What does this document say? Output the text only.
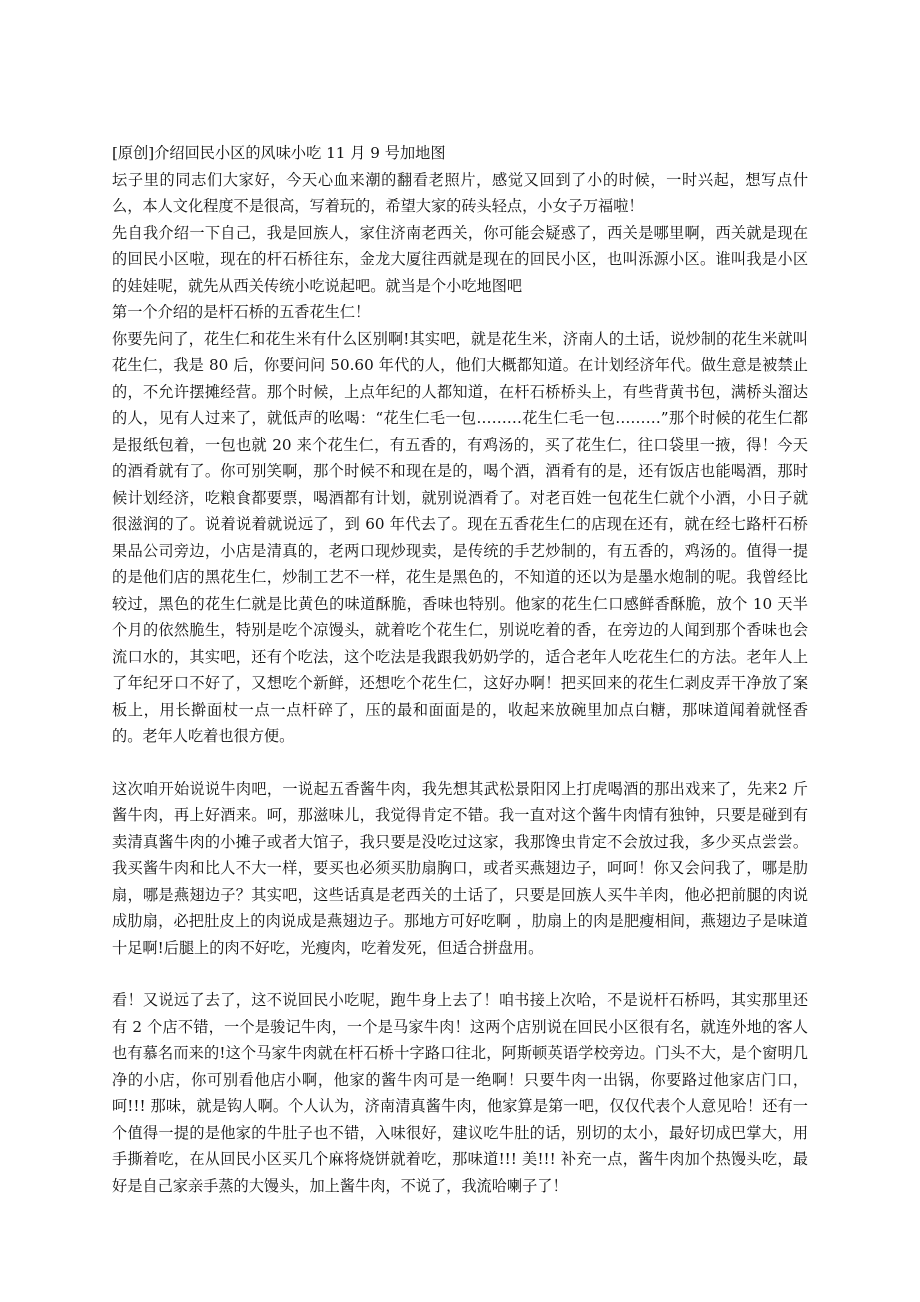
[原创]介绍回民小区的风味小吃 11 月 9 号加地图

坛子里的同志们大家好，今天心血来潮的翻看老照片，感觉又回到了小的时候，一时兴起，想写点什么，本人文化程度不是很高，写着玩的，希望大家的砖头轻点，小女子万福啦！

先自我介绍一下自己，我是回族人，家住济南老西关，你可能会疑惑了，西关是哪里啊，西关就是现在的回民小区啦，现在的杆石桥往东，金龙大厦往西就是现在的回民小区，也叫泺源小区。谁叫我是小区的娃娃呢，就先从西关传统小吃说起吧。就当是个小吃地图吧

第一个介绍的是杆石桥的五香花生仁！

你要先问了，花生仁和花生米有什么区别啊!其实吧，就是花生米，济南人的土话，说炒制的花生米就叫花生仁，我是 80 后，你要问问 50.60 年代的人，他们大概都知道。在计划经济年代。做生意是被禁止的，不允许摆摊经营。那个时候，上点年纪的人都知道，在杆石桥桥头上，有些背黄书包，满桥头溜达的人，见有人过来了，就低声的吆喝：“花生仁毛一包………花生仁毛一包………”那个时候的花生仁都是报纸包着，一包也就 20 来个花生仁，有五香的，有鸡汤的，买了花生仁，往口袋里一掖，得！今天的酒肴就有了。你可别笑啊，那个时候不和现在是的，喝个酒，酒肴有的是，还有饭店也能喝酒，那时候计划经济，吃粮食都要票，喝酒都有计划，就别说酒肴了。对老百姓一包花生仁就个小酒，小日子就很滋润的了。说着说着就说远了，到 60 年代去了。现在五香花生仁的店现在还有，就在经七路杆石桥果品公司旁边，小店是清真的，老两口现炒现卖，是传统的手艺炒制的，有五香的，鸡汤的。值得一提的是他们店的黑花生仁，炒制工艺不一样，花生是黑色的，不知道的还以为是墨水炮制的呢。我曾经比较过，黑色的花生仁就是比黄色的味道酥脆，香味也特别。他家的花生仁口感鲜香酥脆，放个 10 天半个月的依然脆生，特别是吃个凉馒头，就着吃个花生仁，别说吃着的香，在旁边的人闻到那个香味也会流口水的，其实吧，还有个吃法，这个吃法是我跟我奶奶学的，适合老年人吃花生仁的方法。老年人上了年纪牙口不好了，又想吃个新鲜，还想吃个花生仁，这好办啊！把买回来的花生仁剥皮弄干净放了案板上，用长擀面杖一点一点杆碎了，压的最和面面是的，收起来放碗里加点白糖，那味道闻着就怪香的。老年人吃着也很方便。

这次咱开始说说牛肉吧，一说起五香酱牛肉，我先想其武松景阳冈上打虎喝酒的那出戏来了，先来2 斤酱牛肉，再上好酒来。呵，那滋味儿，我觉得肯定不错。我一直对这个酱牛肉情有独钟，只要是碰到有卖清真酱牛肉的小摊子或者大馆子，我只要是没吃过这家，我那馋虫肯定不会放过我，多少买点尝尝。我买酱牛肉和比人不大一样，要买也必须买肋扇胸口，或者买燕翅边子，呵呵！你又会问我了，哪是肋扇，哪是燕翅边子？其实吧，这些话真是老西关的土话了，只要是回族人买牛羊肉，他必把前腿的肉说成肋扇，必把肚皮上的肉说成是燕翅边子。那地方可好吃啊 ，肋扇上的肉是肥瘦相间，燕翅边子是味道十足啊!后腿上的肉不好吃，光瘦肉，吃着发死，但适合拼盘用。

看！又说远了去了，这不说回民小吃呢，跑牛身上去了！咱书接上次哈，不是说杆石桥吗，其实那里还有 2 个店不错，一个是骏记牛肉，一个是马家牛肉！这两个店别说在回民小区很有名，就连外地的客人也有慕名而来的!这个马家牛肉就在杆石桥十字路口往北，阿斯顿英语学校旁边。门头不大，是个窗明几净的小店，你可别看他店小啊，他家的酱牛肉可是一绝啊！只要牛肉一出锅，你要路过他家店门口，呵!!! 那味，就是钩人啊。个人认为，济南清真酱牛肉，他家算是第一吧，仅仅代表个人意见哈！还有一个值得一提的是他家的牛肚子也不错，入味很好，建议吃牛肚的话，别切的太小，最好切成巴掌大，用手撕着吃，在从回民小区买几个麻将烧饼就着吃，那味道!!! 美!!! 补充一点，酱牛肉加个热馒头吃，最好是自己家亲手蒸的大馒头，加上酱牛肉，不说了，我流哈喇子了！
